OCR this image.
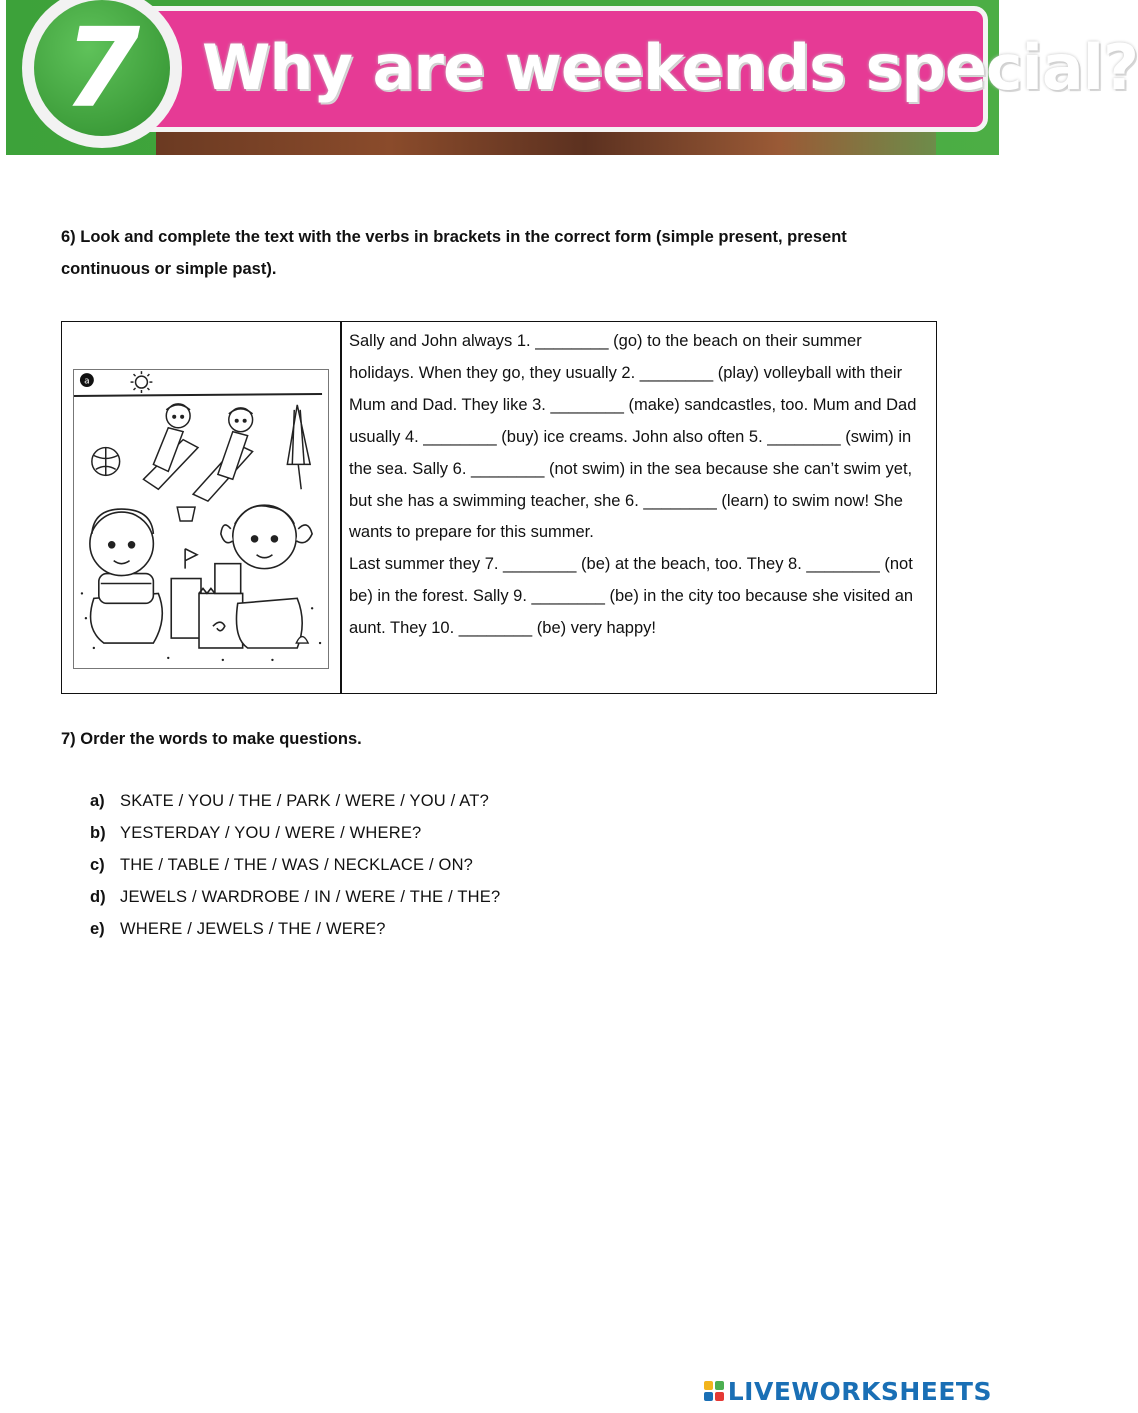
Why are weekends special?
7
6) Look and complete the text with the verbs in brackets in the correct form (simple present, present continuous or simple past).
a

Sally and John always 1. ________ (go) to the beach on their summer holidays. When they go, they usually 2. ________ (play) volleyball with their Mum and Dad. They like 3. ________ (make) sandcastles, too. Mum and Dad usually 4. ________ (buy) ice creams. John also often 5. ________ (swim) in the sea. Sally 6. ________ (not swim) in the sea because she can’t swim yet, but she has a swimming teacher, she 6. ________ (learn) to swim now! She wants to prepare for this summer.

Last summer they 7. ________ (be) at the beach, too. They 8. ________ (not be) in the forest. Sally 9. ________ (be) in the city too because she visited an aunt. They 10. ________ (be) very happy!

7) Order the words to make questions.
a) SKATE / YOU / THE / PARK / WERE / YOU / AT?
b) YESTERDAY / YOU / WERE / WHERE?
c) THE / TABLE / THE / WAS / NECKLACE / ON?
d) JEWELS / WARDROBE / IN / WERE / THE / THE?
e) WHERE / JEWELS / THE / WERE?
LIVEWORKSHEETS
